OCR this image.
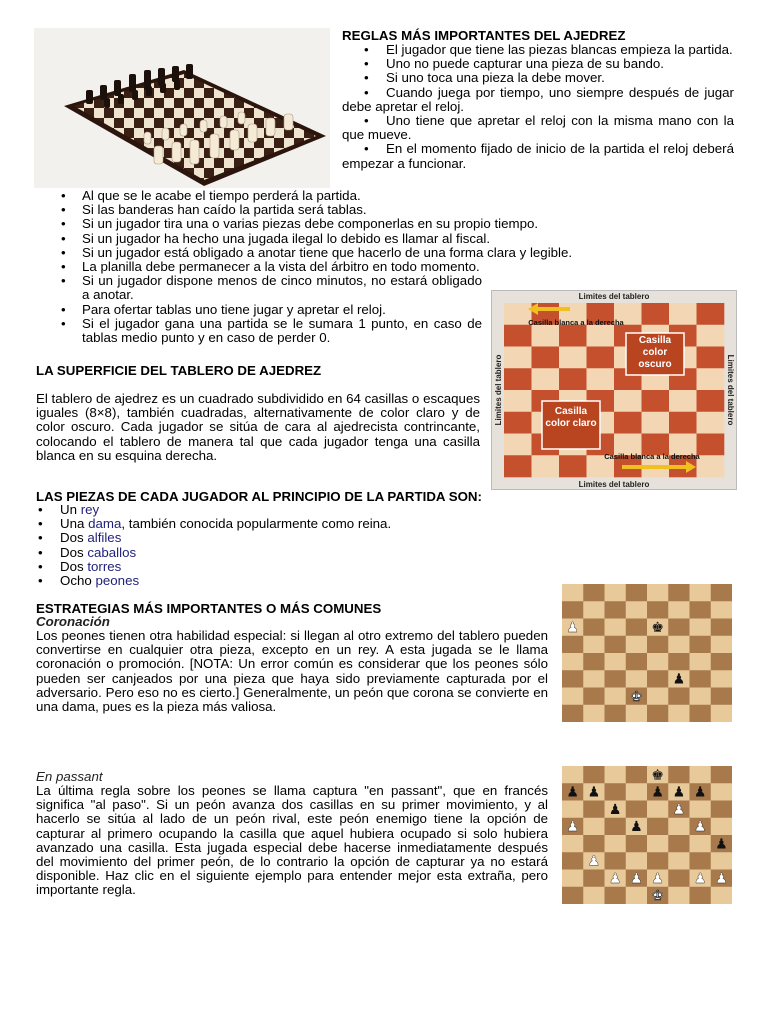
REGLAS MÁS IMPORTANTES DEL AJEDREZ
• El jugador que tiene las piezas blancas empieza la partida.
• Uno no puede capturar una pieza de su bando.
• Si uno toca una pieza la debe mover.
• Cuando juega por tiempo, uno siempre después de jugar debe apretar el reloj.
• Uno tiene que apretar el reloj con la misma mano con la que mueve.
• En el momento fijado de inicio de la partida el reloj deberá empezar a funcionar.
• Al que se le acabe el tiempo perderá la partida.
• Si las banderas han caído la partida será tablas.
• Si un jugador tira una o varias piezas debe componerlas en su propio tiempo.
• Si un jugador ha hecho una jugada ilegal lo debido es llamar al fiscal.
• Si un jugador está obligado a anotar tiene que hacerlo de una forma clara y legible.
• La planilla debe permanecer a la vista del árbitro en todo momento.
• Si un jugador dispone menos de cinco minutos, no estará obligado a anotar.
• Para ofertar tablas uno tiene jugar y apretar el reloj.
• Si el jugador gana una partida se le sumara 1 punto, en caso de tablas medio punto y en caso de perder 0.
Limites del tablero
Limites del tablero
Limites del tablero	Limites del tablero
Casilla blanca a la derecha
Casilla blanca a la derecha
Casilla color oscuro
Casilla color claro
LA SUPERFICIE DEL TABLERO DE AJEDREZ
El tablero de ajedrez es un cuadrado subdividido en 64 casillas o escaques iguales (8×8), también cuadradas, alternativamente de color claro y de color oscuro. Cada jugador se sitúa de cara al ajedrecista contrincante, colocando el tablero de manera tal que cada jugador tenga una casilla blanca en su esquina derecha.
LAS PIEZAS DE CADA JUGADOR AL PRINCIPIO DE LA PARTIDA SON:
• Un rey
• Una dama, también conocida popularmente como reina.
• Dos alfiles
• Dos caballos
• Dos torres
• Ocho peones
ESTRATEGIAS MÁS IMPORTANTES O MÁS COMUNES
Coronación
Los peones tienen otra habilidad especial: si llegan al otro extremo del tablero pueden convertirse en cualquier otra pieza, excepto en un rey. A esta jugada se le llama coronación o promoción. [NOTA: Un error común es considerar que los peones sólo pueden ser canjeados por una pieza que haya sido previamente capturada por el adversario. Pero eso no es cierto.] Generalmente, un peón que corona se convierte en una dama, pues es la pieza más valiosa.
En passant
La última regla sobre los peones se llama captura "en passant", que en francés significa "al paso". Si un peón avanza dos casillas en su primer movimiento, y al hacerlo se sitúa al lado de un peón rival, este peón enemigo tiene la opción de capturar al primero ocupando la casilla que aquel hubiera ocupado si solo hubiera avanzado una casilla. Esta jugada especial debe hacerse inmediatamente después del movimiento del primer peón, de lo contrario la opción de capturar ya no estará disponible. Haz clic en el siguiente ejemplo para entender mejor esta extraña, pero importante regla.
♟	♚
♟
♚
♚
♟ ♟	♟ ♟ ♟
♟	♟
♟	♟	♟
♟
♟
♟ ♟ ♟ ♟ ♟
♚
